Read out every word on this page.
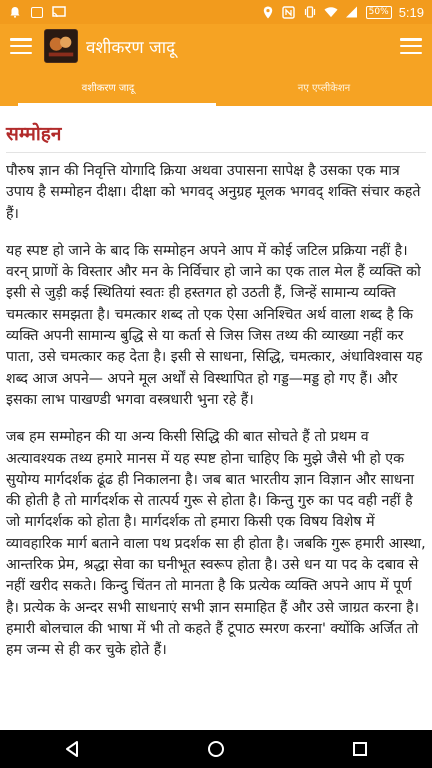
50% 5:19
वशीकरण जादू
वशीकरण जादू	नए एप्लीकेशन
सम्मोहन

पौरुष ज्ञान की निवृत्ति योगादि क्रिया अथवा उपासना सापेक्ष है उसका एक मात्र उपाय है सम्मोहन दीक्षा। दीक्षा को भगवद् अनुग्रह मूलक भगवद् शक्ति संचार कहते हैं।

यह स्पष्ट हो जाने के बाद कि सम्मोहन अपने आप में कोई जटिल प्रक्रिया नहीं है। वरन् प्राणों के विस्तार और मन के निर्विचार हो जाने का एक ताल मेल हैं व्यक्ति को इसी से जुड़ी कई स्थितियां स्वतः ही हस्तगत हो उठती हैं, जिन्हें सामान्य व्यक्ति चमत्कार समझता है। चमत्कार शब्द तो एक ऐसा अनिश्चित अर्थ वाला शब्द है कि व्यक्ति अपनी सामान्य बुद्धि से या कर्ता से जिस जिस तथ्य की व्याख्या नहीं कर पाता, उसे चमत्कार कह देता है। इसी से साधना, सिद्धि, चमत्कार, अंधाविश्वास यह शब्द आज अपने— अपने मूल अर्थों से विस्थापित हो गड्ड—मड्ड हो गए हैं। और इसका लाभ पाखण्डी भगवा वस्त्रधारी भुना रहे हैं।

जब हम सम्मोहन की या अन्य किसी सिद्धि की बात सोचते हैं तो प्रथम व अत्यावश्यक तथ्य हमारे मानस में यह स्पष्ट होना चाहिए कि मुझे जैसे भी हो एक सुयोग्य मार्गदर्शक ढूंढ ही निकालना है। जब बात भारतीय ज्ञान विज्ञान और साधना की होती है तो मार्गदर्शक से तात्पर्य गुरू से होता है। किन्तु गुरु का पद वही नहीं है जो मार्गदर्शक को होता है। मार्गदर्शक तो हमारा किसी एक विषय विशेष में व्यावहारिक मार्ग बताने वाला पथ प्रदर्शक सा ही होता है। जबकि गुरू हमारी आस्था, आन्तरिक प्रेम, श्रद्धा सेवा का घनीभूत स्वरूप होता है। उसे धन या पद के दबाव से नहीं खरीद सकते। किन्दु चिंतन तो मानता है कि प्रत्येक व्यक्ति अपने आप में पूर्ण है। प्रत्येक के अन्दर सभी साधनाएं सभी ज्ञान समाहित हैं और उसे जाग्रत करना है। हमारी बोलचाल की भाषा में भी तो कहते हैं टूपाठ स्मरण करना' क्योंकि अर्जित तो हम जन्म से ही कर चुके होते हैं।
